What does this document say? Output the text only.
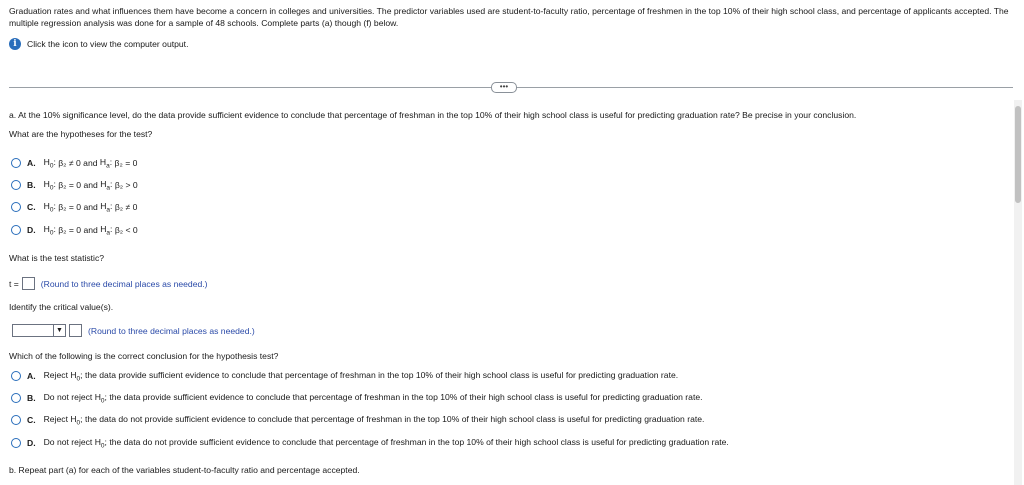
Graduation rates and what influences them have become a concern in colleges and universities. The predictor variables used are student-to-faculty ratio, percentage of freshmen in the top 10% of their high school class, and percentage of applicants accepted. The multiple regression analysis was done for a sample of 48 schools. Complete parts (a) though (f) below.
i	Click the icon to view the computer output.
•••
a. At the 10% significance level, do the data provide sufficient evidence to conclude that percentage of freshman in the top 10% of their high school class is useful for predicting graduation rate? Be precise in your conclusion.
What are the hypotheses for the test?
A. $H_0$: β₂ ≠ 0 and $H_a$: β₂ = 0
B. $H_0$: β₂ = 0 and $H_a$: β₂ > 0
C. $H_0$: β₂ = 0 and $H_a$: β₂ ≠ 0
D. $H_0$: β₂ = 0 and $H_a$: β₂ < 0
What is the test statistic?
t =	(Round to three decimal places as needed.)
Identify the critical value(s).
▼	(Round to three decimal places as needed.)
Which of the following is the correct conclusion for the hypothesis test?
A. Reject $H_0$; the data provide sufficient evidence to conclude that percentage of freshman in the top 10% of their high school class is useful for predicting graduation rate.
B. Do not reject $H_0$; the data provide sufficient evidence to conclude that percentage of freshman in the top 10% of their high school class is useful for predicting graduation rate.
C. Reject $H_0$; the data do not provide sufficient evidence to conclude that percentage of freshman in the top 10% of their high school class is useful for predicting graduation rate.
D. Do not reject $H_0$; the data do not provide sufficient evidence to conclude that percentage of freshman in the top 10% of their high school class is useful for predicting graduation rate.
b. Repeat part (a) for each of the variables student-to-faculty ratio and percentage accepted.
